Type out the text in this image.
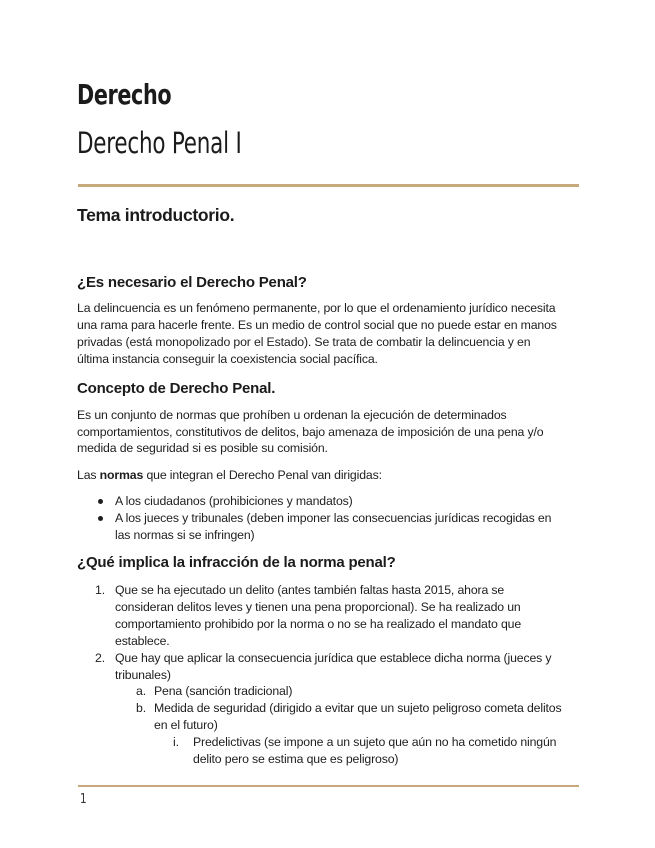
Derecho
Derecho Penal I
Tema introductorio.
¿Es necesario el Derecho Penal?

La delincuencia es un fenómeno permanente, por lo que el ordenamiento jurídico necesita
una rama para hacerle frente. Es un medio de control social que no puede estar en manos
privadas (está monopolizado por el Estado). Se trata de combatir la delincuencia y en
última instancia conseguir la coexistencia social pacífica.

Concepto de Derecho Penal.

Es un conjunto de normas que prohíben u ordenan la ejecución de determinados
comportamientos, constitutivos de delitos, bajo amenaza de imposición de una pena y/o
medida de seguridad si es posible su comisión.

Las normas que integran el Derecho Penal van dirigidas:

A los ciudadanos (prohibiciones y mandatos)
A los jueces y tribunales (deben imponer las consecuencias jurídicas recogidas en
las normas si se infringen)
¿Qué implica la infracción de la norma penal?
1. Que se ha ejecutado un delito (antes también faltas hasta 2015, ahora se
consideran delitos leves y tienen una pena proporcional). Se ha realizado un
comportamiento prohibido por la norma o no se ha realizado el mandato que
establece.
2. Que hay que aplicar la consecuencia jurídica que establece dicha norma (jueces y
tribunales)
a. Pena (sanción tradicional)
b. Medida de seguridad (dirigido a evitar que un sujeto peligroso cometa delitos
en el futuro)
i. Predelictivas (se impone a un sujeto que aún no ha cometido ningún
delito pero se estima que es peligroso)
1
